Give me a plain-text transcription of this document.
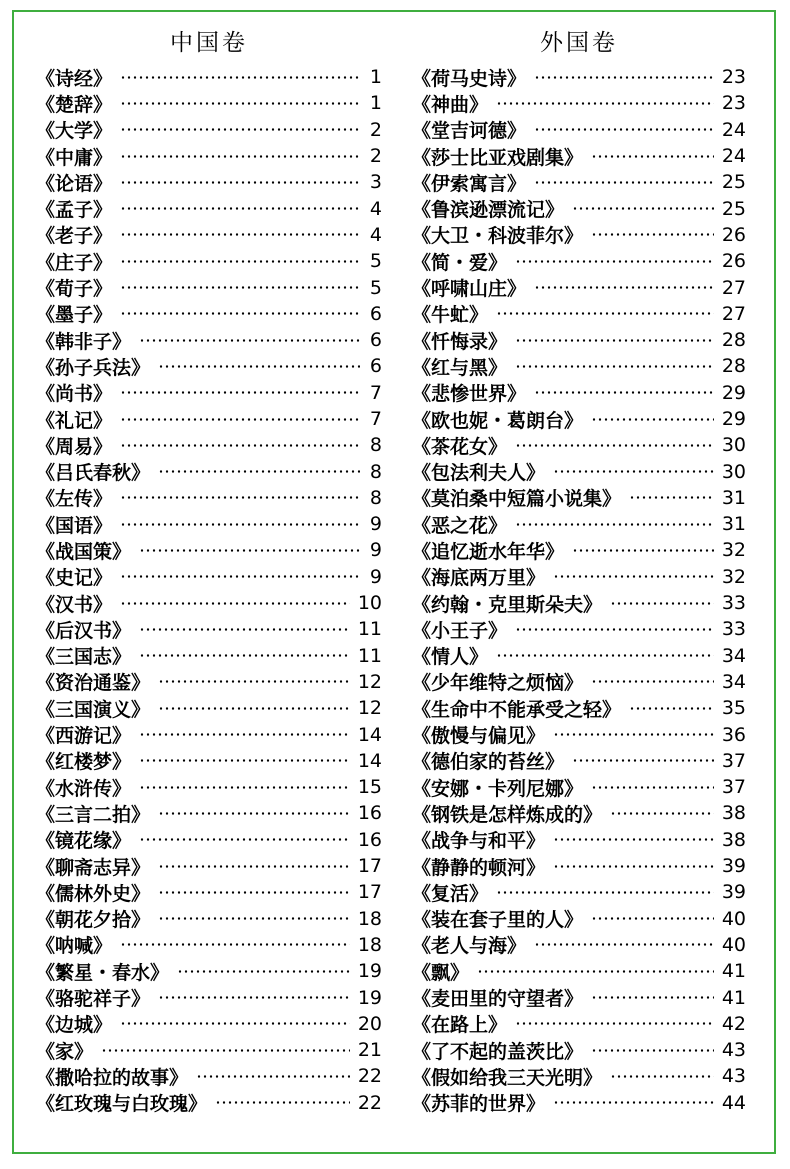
中国卷
《诗经》	1
《楚辞》	1
《大学》	2
《中庸》	2
《论语》	3
《孟子》	4
《老子》	4
《庄子》	5
《荀子》	5
《墨子》	6
《韩非子》	6
《孙子兵法》	6
《尚书》	7
《礼记》	7
《周易》	8
《吕氏春秋》	8
《左传》	8
《国语》	9
《战国策》	9
《史记》	9
《汉书》	10
《后汉书》	11
《三国志》	11
《资治通鉴》	12
《三国演义》	12
《西游记》	14
《红楼梦》	14
《水浒传》	15
《三言二拍》	16
《镜花缘》	16
《聊斋志异》	17
《儒林外史》	17
《朝花夕拾》	18
《呐喊》	18
《繁星・春水》	19
《骆驼祥子》	19
《边城》	20
《家》	21
《撒哈拉的故事》	22
《红玫瑰与白玫瑰》	22
外国卷
《荷马史诗》	23
《神曲》	23
《堂吉诃德》	24
《莎士比亚戏剧集》	24
《伊索寓言》	25
《鲁滨逊漂流记》	25
《大卫・科波菲尔》	26
《简・爱》	26
《呼啸山庄》	27
《牛虻》	27
《忏悔录》	28
《红与黑》	28
《悲惨世界》	29
《欧也妮・葛朗台》	29
《茶花女》	30
《包法利夫人》	30
《莫泊桑中短篇小说集》	31
《恶之花》	31
《追忆逝水年华》	32
《海底两万里》	32
《约翰・克里斯朵夫》	33
《小王子》	33
《情人》	34
《少年维特之烦恼》	34
《生命中不能承受之轻》	35
《傲慢与偏见》	36
《德伯家的苔丝》	37
《安娜・卡列尼娜》	37
《钢铁是怎样炼成的》	38
《战争与和平》	38
《静静的顿河》	39
《复活》	39
《装在套子里的人》	40
《老人与海》	40
《飘》	41
《麦田里的守望者》	41
《在路上》	42
《了不起的盖茨比》	43
《假如给我三天光明》	43
《苏菲的世界》	44
